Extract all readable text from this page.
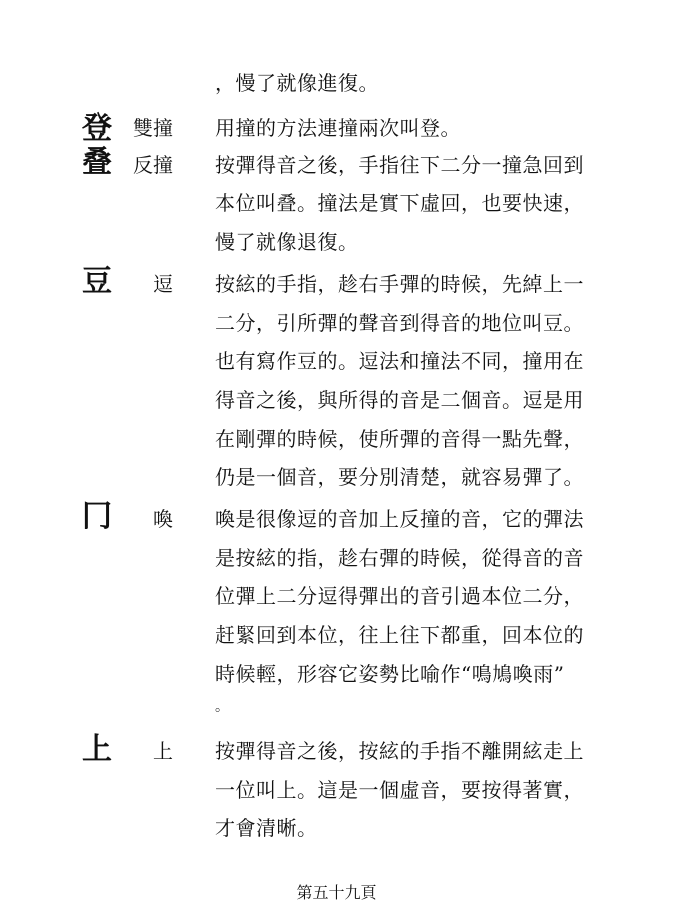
，慢了就像進復。
登 雙撞 用撞的方法連撞兩次叫登。
叠 反撞 按彈得音之後，手指往下二分一撞急回到
本位叫叠。撞法是實下虛回，也要快速，
慢了就像退復。
豆 逗 按絃的手指，趁右手彈的時候，先綽上一
二分，引所彈的聲音到得音的地位叫豆。
也有寫作豆的。逗法和撞法不同，撞用在
得音之後，與所得的音是二個音。逗是用
在剛彈的時候，使所彈的音得一點先聲，
仍是一個音，要分別清楚，就容易彈了。
冂 喚 喚是很像逗的音加上反撞的音，它的彈法
是按絃的指，趁右彈的時候，從得音的音
位彈上二分逗得彈出的音引過本位二分，
赶緊回到本位，往上往下都重，回本位的
時候輕，形容它姿勢比喻作“鳴鳩喚雨”
。
上 上 按彈得音之後，按絃的手指不離開絃走上
一位叫上。這是一個虛音，要按得著實，
才會清晰。
第五十九頁
